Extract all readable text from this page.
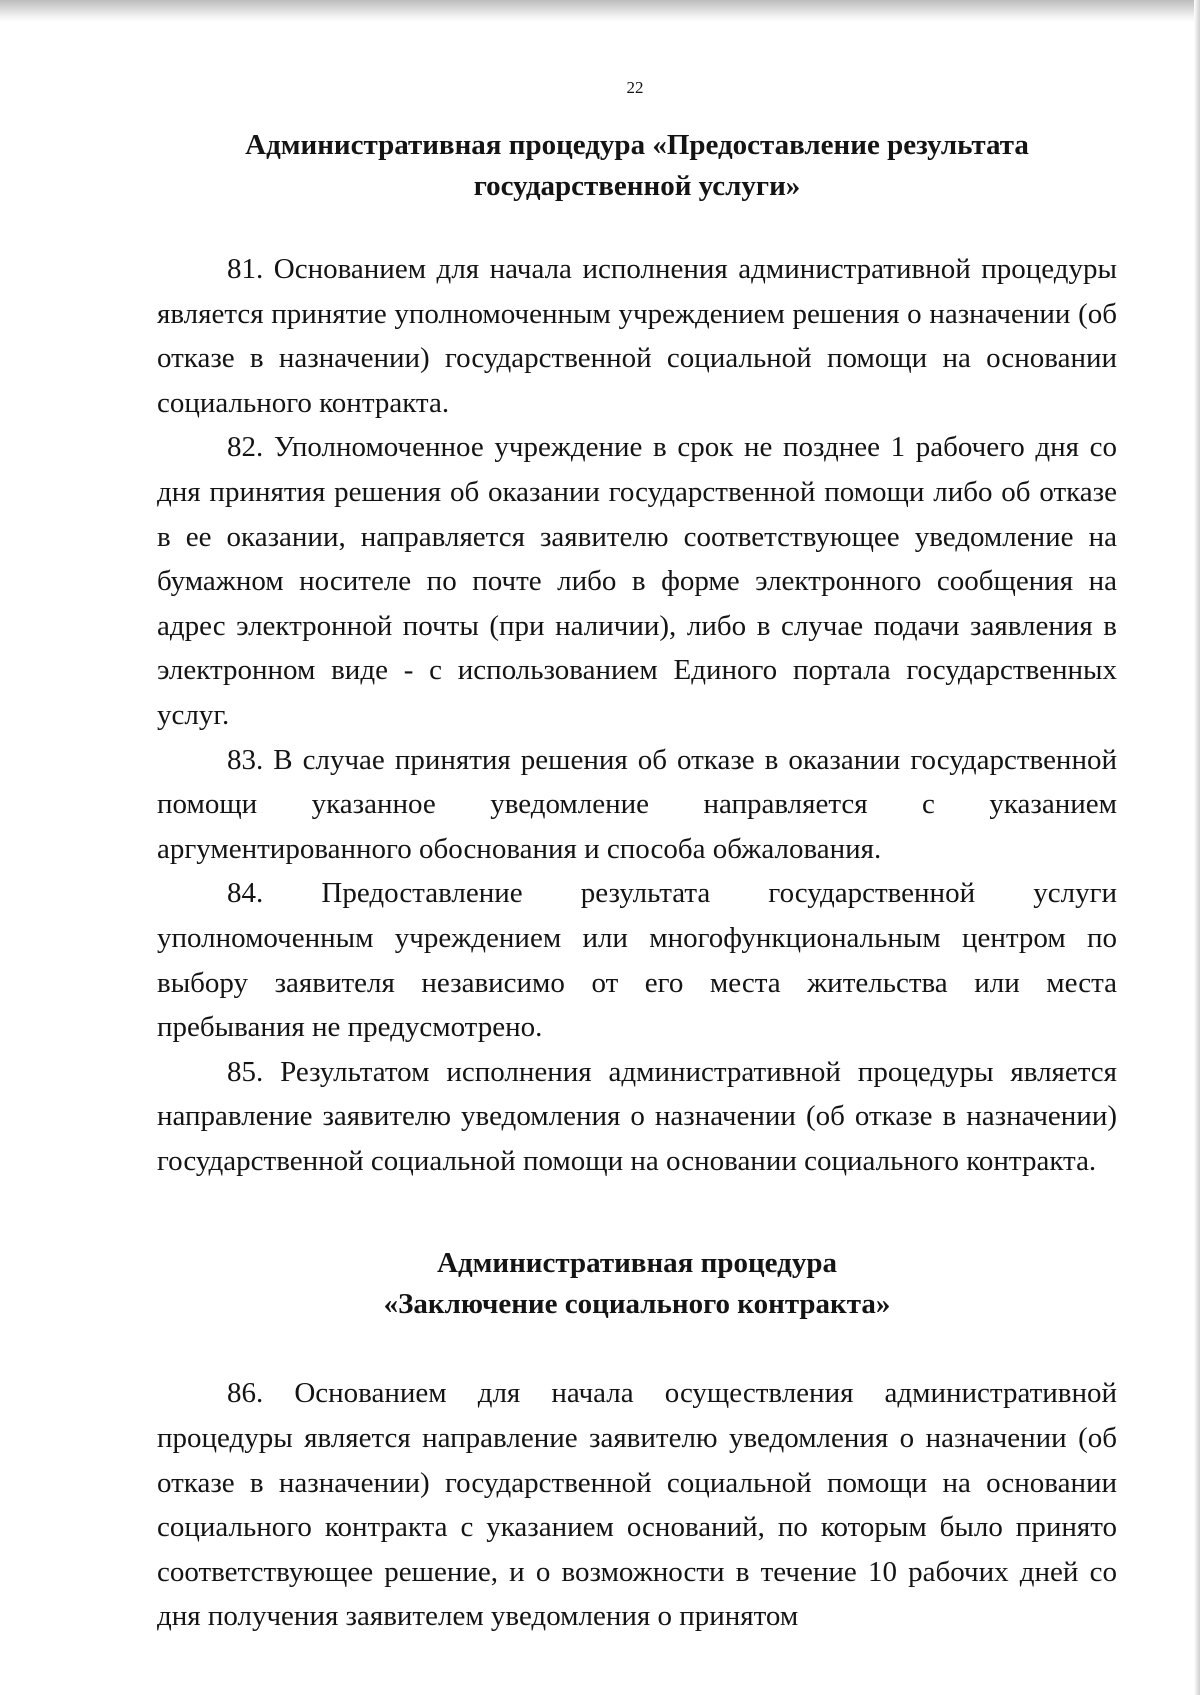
22
Административная процедура «Предоставление результата
государственной услуги»

81. Основанием для начала исполнения административной процедуры является принятие уполномоченным учреждением решения о назначении (об отказе в назначении) государственной социальной помощи на основании социального контракта.

82. Уполномоченное учреждение в срок не позднее 1 рабочего дня со дня принятия решения об оказании государственной помощи либо об отказе в ее оказании, направляется заявителю соответствующее уведомление на бумажном носителе по почте либо в форме электронного сообщения на адрес электронной почты (при наличии), либо в случае подачи заявления в электронном виде - с использованием Единого портала государственных услуг.

83. В случае принятия решения об отказе в оказании государственной помощи указанное уведомление направляется с указанием аргументированного обоснования и способа обжалования.

84. Предоставление результата государственной услуги уполномоченным учреждением или многофункциональным центром по выбору заявителя независимо от его места жительства или места пребывания не предусмотрено.

85. Результатом исполнения административной процедуры является направление заявителю уведомления о назначении (об отказе в назначении) государственной социальной помощи на основании социального контракта.

Административная процедура
«Заключение социального контракта»

86. Основанием для начала осуществления административной процедуры является направление заявителю уведомления о назначении (об отказе в назначении) государственной социальной помощи на основании социального контракта с указанием оснований, по которым было принято соответствующее решение, и о возможности в течение 10 рабочих дней со дня получения заявителем уведомления о принятом
